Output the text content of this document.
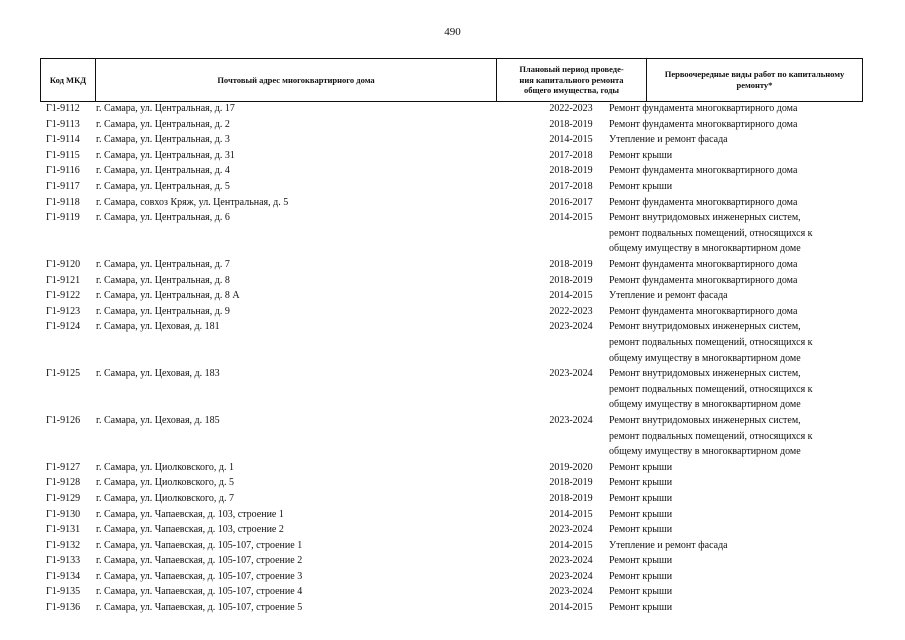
490
Код МКД	Почтовый адрес многоквартирного дома
Плановый период проведе-
ния капитального ремонта
общего имущества, годы
Первоочередные виды работ по капитальному
ремонту*
Г1-9112 г. Самара, ул. Центральная, д. 17	2022-2023	Ремонт фундамента многоквартирного дома
Г1-9113 г. Самара, ул. Центральная, д. 2	2018-2019	Ремонт фундамента многоквартирного дома
Г1-9114 г. Самара, ул. Центральная, д. 3	2014-2015	Утепление и ремонт фасада
Г1-9115 г. Самара, ул. Центральная, д. 31	2017-2018	Ремонт крыши
Г1-9116 г. Самара, ул. Центральная, д. 4	2018-2019	Ремонт фундамента многоквартирного дома
Г1-9117 г. Самара, ул. Центральная, д. 5	2017-2018	Ремонт крыши
Г1-9118 г. Самара, совхоз Кряж, ул. Центральная, д. 5	2016-2017	Ремонт фундамента многоквартирного дома
Г1-9119 г. Самара, ул. Центральная, д. 6	2014-2015	Ремонт внутридомовых инженерных систем,
ремонт подвальных помещений, относящихся к
общему имуществу в многоквартирном доме
Г1-9120 г. Самара, ул. Центральная, д. 7	2018-2019	Ремонт фундамента многоквартирного дома
Г1-9121 г. Самара, ул. Центральная, д. 8	2018-2019	Ремонт фундамента многоквартирного дома
Г1-9122 г. Самара, ул. Центральная, д. 8 А	2014-2015	Утепление и ремонт фасада
Г1-9123 г. Самара, ул. Центральная, д. 9	2022-2023	Ремонт фундамента многоквартирного дома
Г1-9124 г. Самара, ул. Цеховая, д. 181	2023-2024	Ремонт внутридомовых инженерных систем,
ремонт подвальных помещений, относящихся к
общему имуществу в многоквартирном доме
Г1-9125 г. Самара, ул. Цеховая, д. 183	2023-2024	Ремонт внутридомовых инженерных систем,
ремонт подвальных помещений, относящихся к
общему имуществу в многоквартирном доме
Г1-9126 г. Самара, ул. Цеховая, д. 185	2023-2024	Ремонт внутридомовых инженерных систем,
ремонт подвальных помещений, относящихся к
общему имуществу в многоквартирном доме
Г1-9127 г. Самара, ул. Циолковского, д. 1	2019-2020	Ремонт крыши
Г1-9128 г. Самара, ул. Циолковского, д. 5	2018-2019	Ремонт крыши
Г1-9129 г. Самара, ул. Циолковского, д. 7	2018-2019	Ремонт крыши
Г1-9130 г. Самара, ул. Чапаевская, д. 103, строение 1	2014-2015	Ремонт крыши
Г1-9131 г. Самара, ул. Чапаевская, д. 103, строение 2	2023-2024	Ремонт крыши
Г1-9132 г. Самара, ул. Чапаевская, д. 105-107, строение 1	2014-2015	Утепление и ремонт фасада
Г1-9133 г. Самара, ул. Чапаевская, д. 105-107, строение 2	2023-2024	Ремонт крыши
Г1-9134 г. Самара, ул. Чапаевская, д. 105-107, строение 3	2023-2024	Ремонт крыши
Г1-9135 г. Самара, ул. Чапаевская, д. 105-107, строение 4	2023-2024	Ремонт крыши
Г1-9136 г. Самара, ул. Чапаевская, д. 105-107, строение 5	2014-2015	Ремонт крыши
